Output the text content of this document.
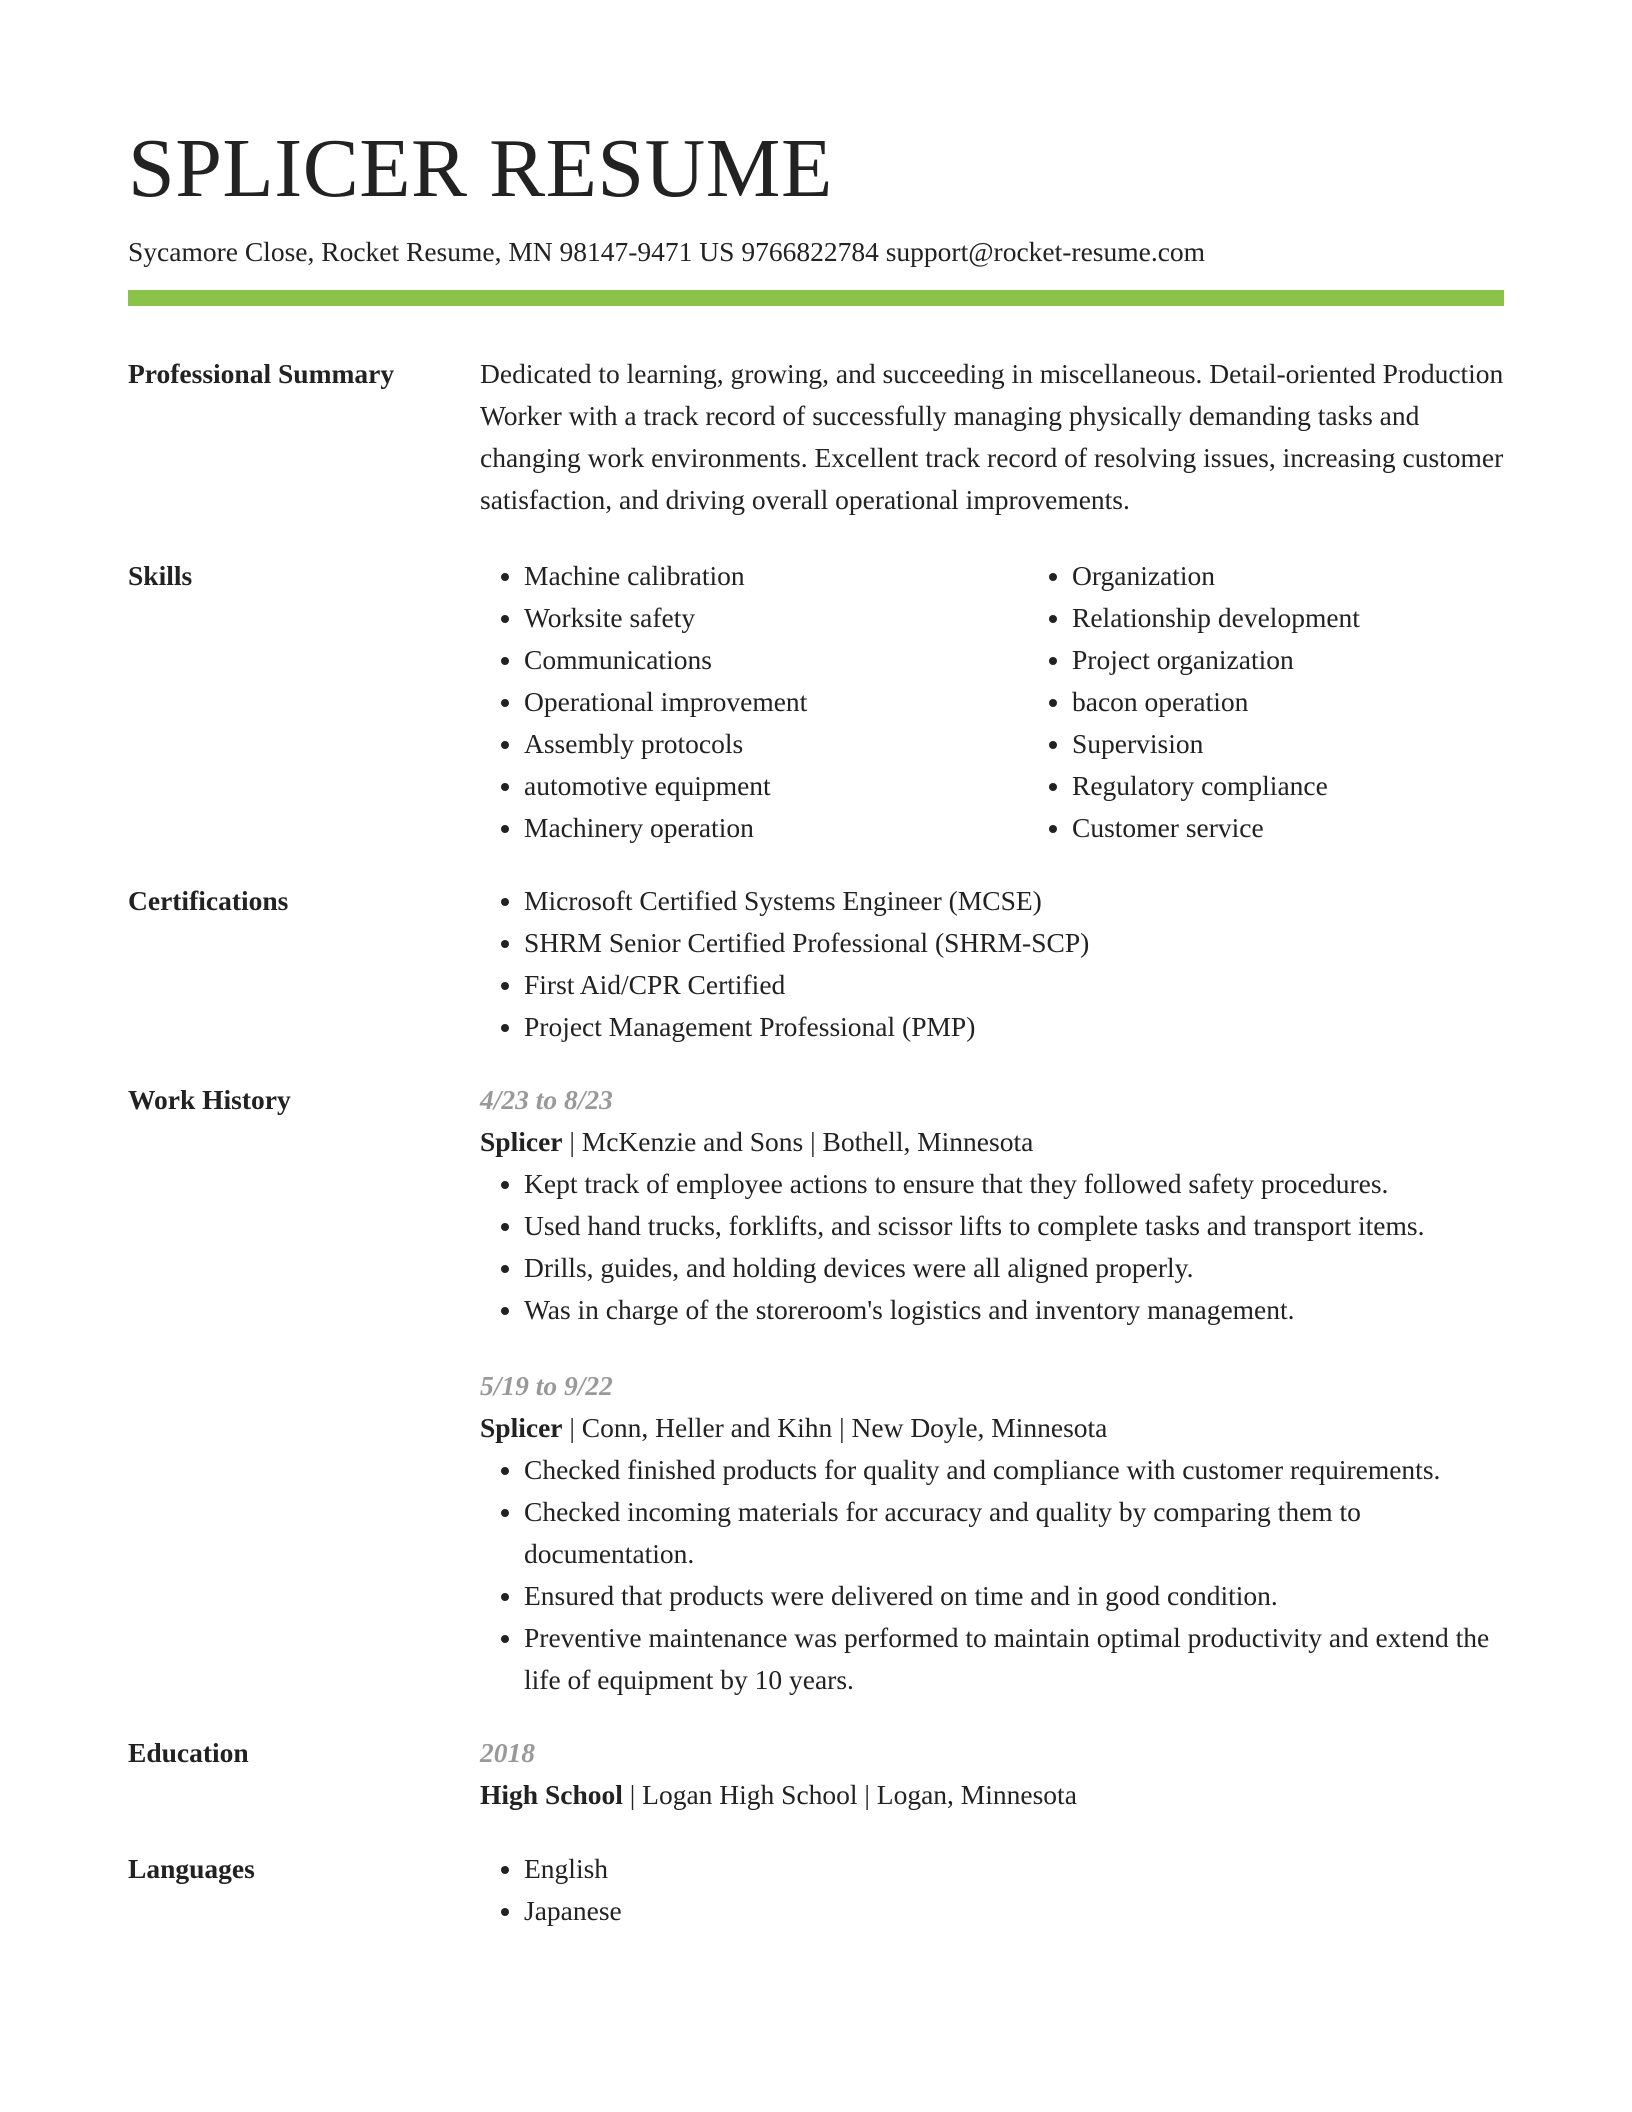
SPLICER RESUME
Sycamore Close, Rocket Resume, MN 98147-9471 US 9766822784 support@rocket-resume.com
Professional Summary	Dedicated to learning, growing, and succeeding in miscellaneous. Detail-oriented Production Worker with a track record of successfully managing physically demanding tasks and changing work environments. Excellent track record of resolving issues, increasing customer satisfaction, and driving overall operational improvements.

Skills	• Machine calibration
• Worksite safety
• Communications
• Operational improvement
• Assembly protocols
• automotive equipment
• Machinery operation
• Organization
• Relationship development
• Project organization
• bacon operation
• Supervision
• Regulatory compliance
• Customer service
Certifications	• Microsoft Certified Systems Engineer (MCSE)
• SHRM Senior Certified Professional (SHRM-SCP)
• First Aid/CPR Certified
• Project Management Professional (PMP)
Work History	4/23 to 8/23
Splicer | McKenzie and Sons | Bothell, Minnesota
• Kept track of employee actions to ensure that they followed safety procedures.
• Used hand trucks, forklifts, and scissor lifts to complete tasks and transport items.
• Drills, guides, and holding devices were all aligned properly.
• Was in charge of the storeroom's logistics and inventory management.
5/19 to 9/22
Splicer | Conn, Heller and Kihn | New Doyle, Minnesota
• Checked finished products for quality and compliance with customer requirements.
• Checked incoming materials for accuracy and quality by comparing them to documentation.
• Ensured that products were delivered on time and in good condition.
• Preventive maintenance was performed to maintain optimal productivity and extend the life of equipment by 10 years.
Education	2018
High School | Logan High School | Logan, Minnesota
Languages	• English
• Japanese
